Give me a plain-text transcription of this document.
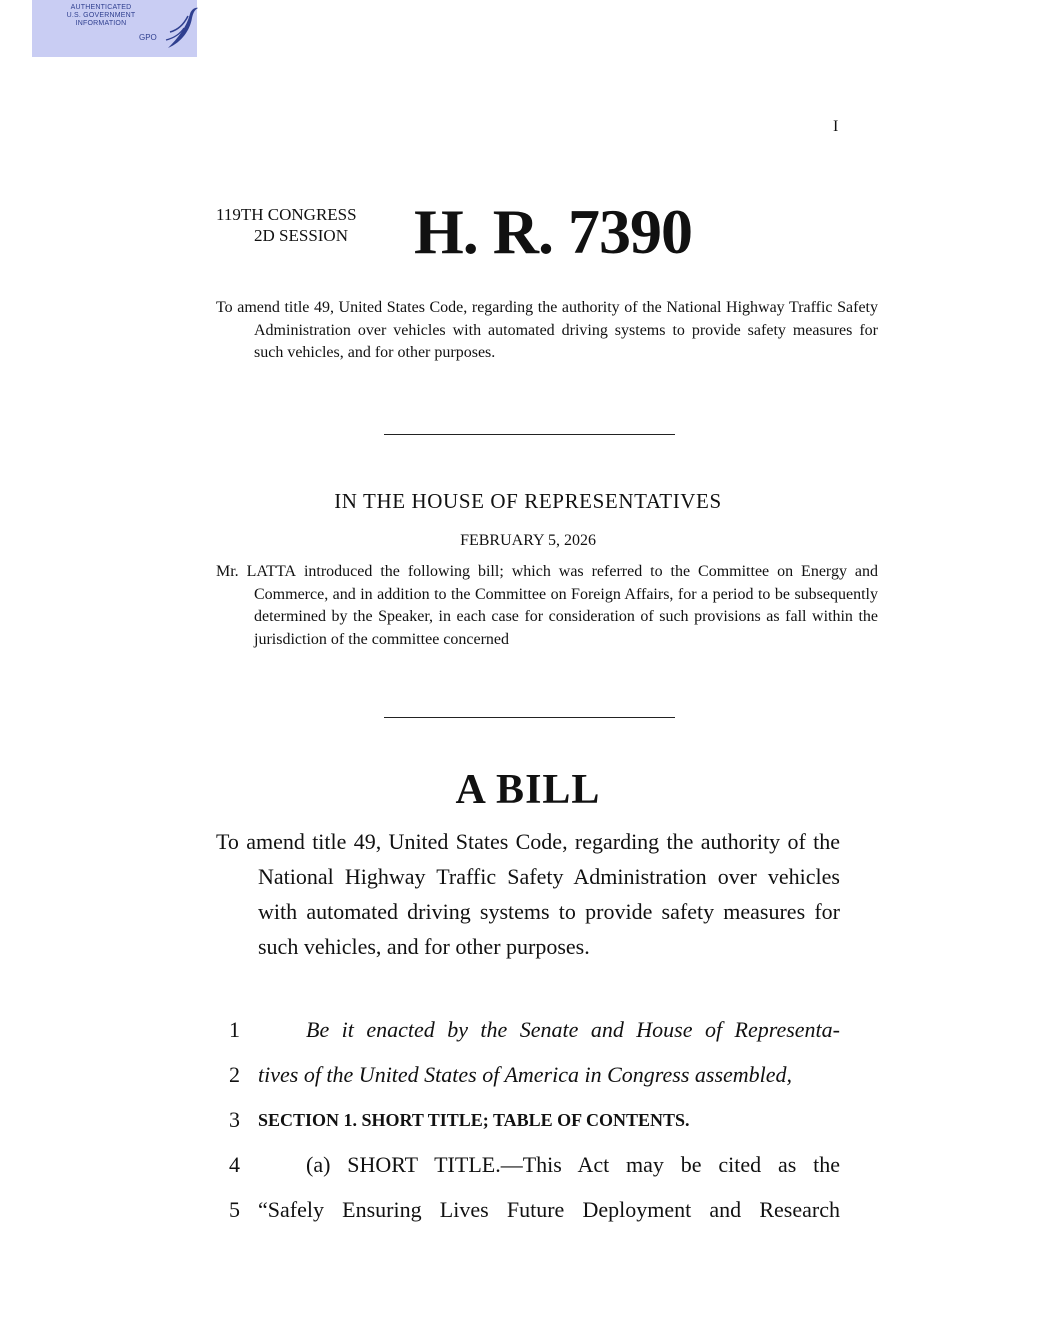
AUTHENTICATED
U.S. GOVERNMENT
INFORMATION
GPO
I
119TH CONGRESS
2D SESSION	H. R. 7390
To amend title 49, United States Code, regarding the authority of the National Highway Traffic Safety Administration over vehicles with automated driving systems to provide safety measures for such vehicles, and for other purposes.
IN THE HOUSE OF REPRESENTATIVES
FEBRUARY 5, 2026
Mr. LATTA introduced the following bill; which was referred to the Committee on Energy and Commerce, and in addition to the Committee on Foreign Affairs, for a period to be subsequently determined by the Speaker, in each case for consideration of such provisions as fall within the jurisdiction of the committee concerned
A BILL
To amend title 49, United States Code, regarding the authority of the National Highway Traffic Safety Administration over vehicles with automated driving systems to provide safety measures for such vehicles, and for other purposes.
1	Be it enacted by the Senate and House of Representa-
2 tives of the United States of America in Congress assembled,
3 SECTION 1. SHORT TITLE; TABLE OF CONTENTS.
4	(a) SHORT TITLE.—This Act may be cited as the
5 “Safely Ensuring Lives Future Deployment and Research
